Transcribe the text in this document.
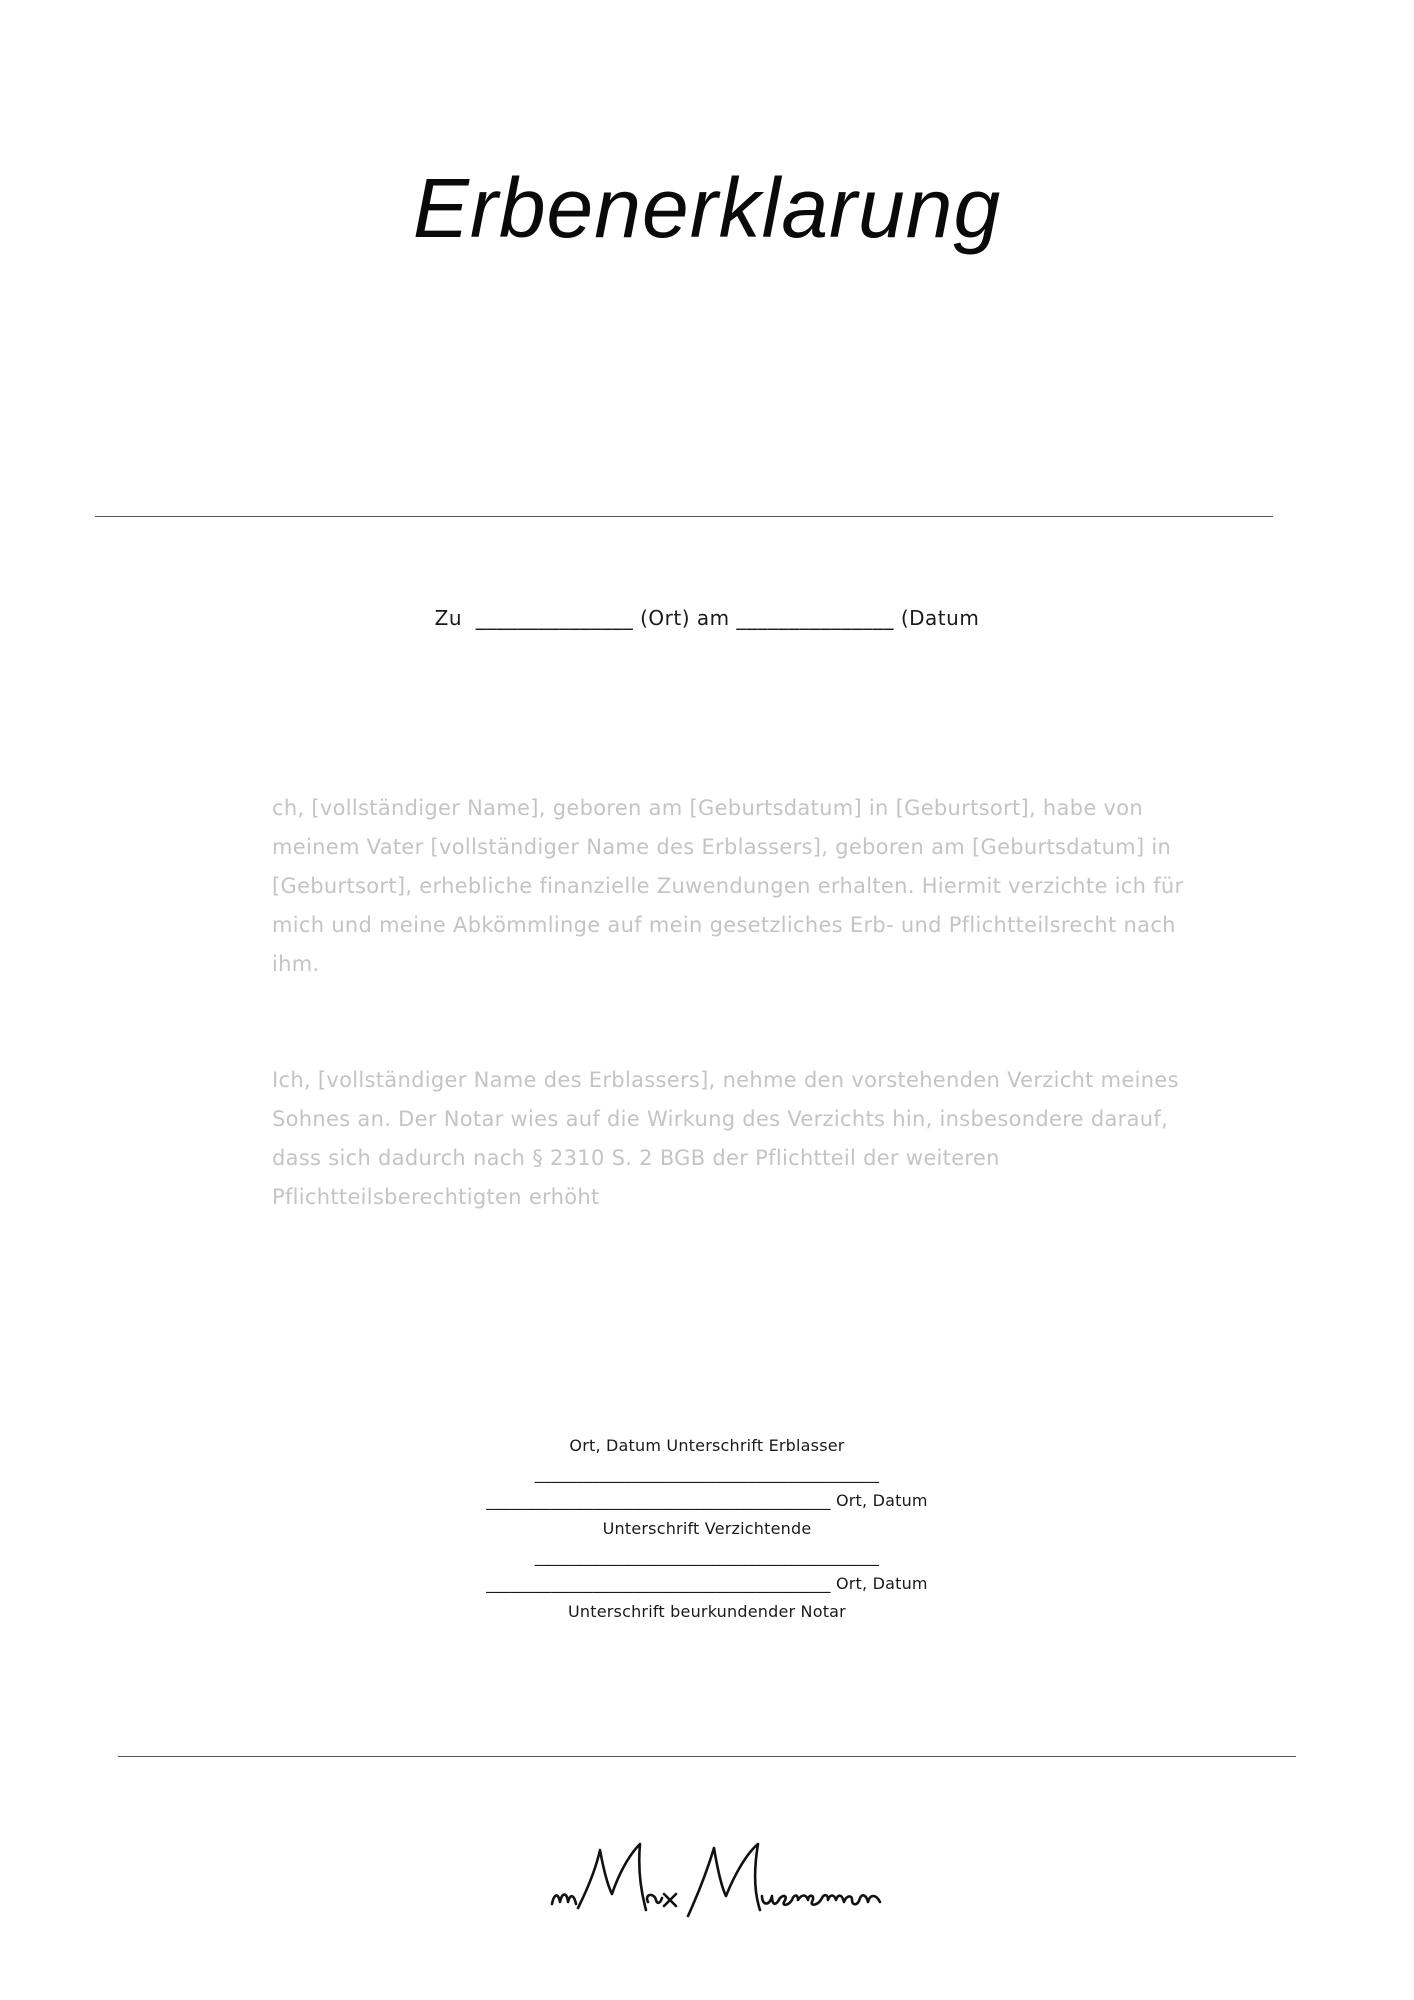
Erbenerklarung
Zu  _______________ (Ort) am _______________ (Datum

ch, [vollständiger Name], geboren am [Geburtsdatum] in [Geburtsort], habe von meinem Vater [vollständiger Name des Erblassers], geboren am [Geburtsdatum] in [Geburtsort], erhebliche finanzielle Zuwendungen erhalten. Hiermit verzichte ich für mich und meine Abkömmlinge auf mein gesetzliches Erb- und Pflichtteilsrecht nach ihm.

Ich, [vollständiger Name des Erblassers], nehme den vorstehenden Verzicht meines Sohnes an. Der Notar wies auf die Wirkung des Verzichts hin, insbesondere darauf, dass sich dadurch nach § 2310 S. 2 BGB der Pflichtteil der weiteren Pflichtteilsberechtigten erhöht

Ort, Datum Unterschrift Erblasser
__________________________________________
__________________________________________ Ort, Datum
Unterschrift Verzichtende
__________________________________________
__________________________________________ Ort, Datum
Unterschrift beurkundender Notar
